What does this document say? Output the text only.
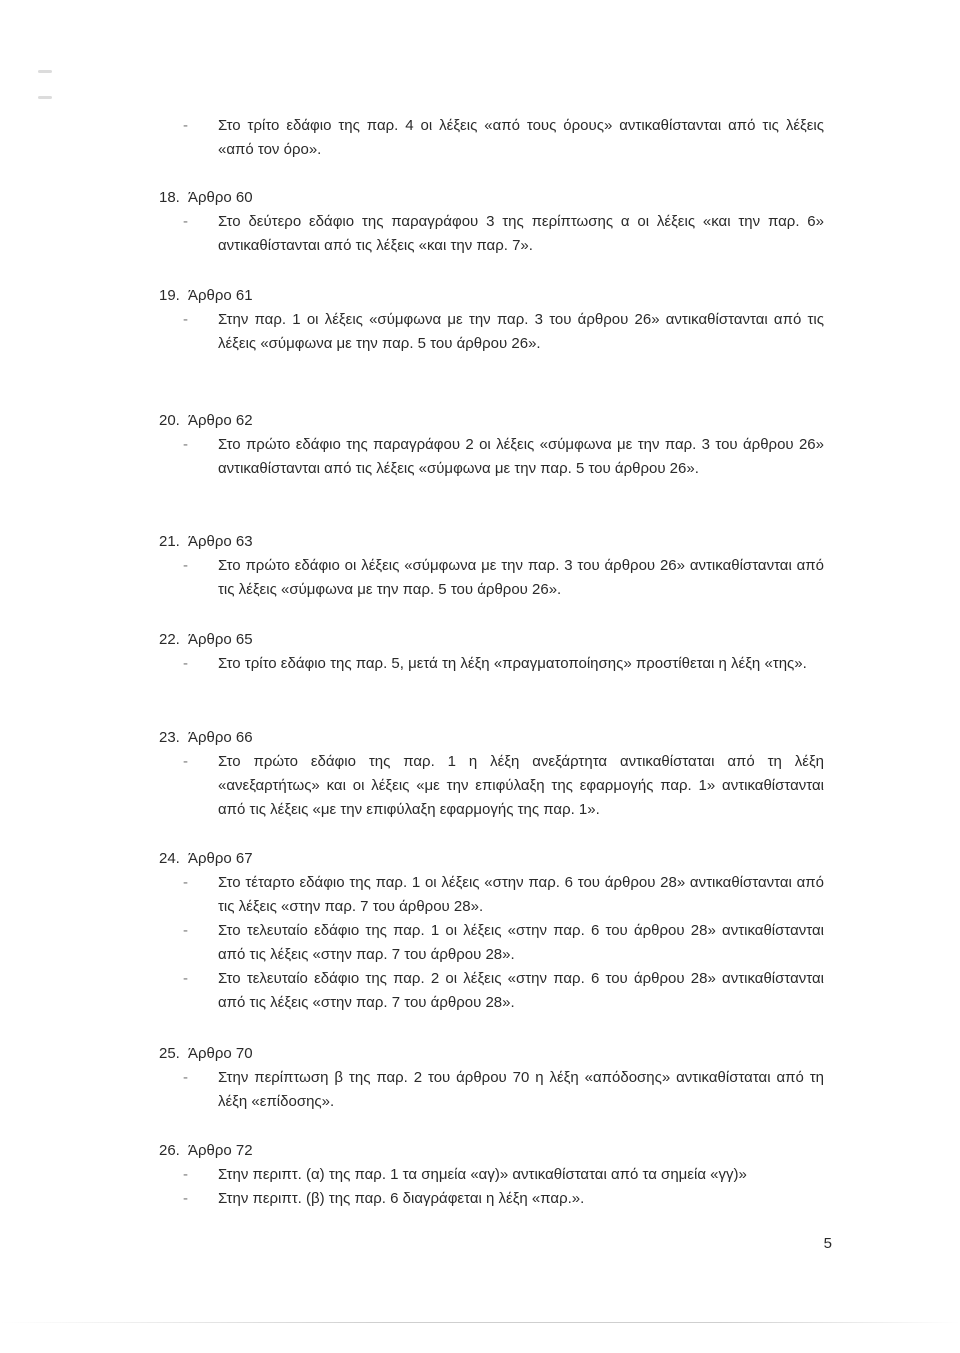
- Στο τρίτο εδάφιο της παρ. 4 οι λέξεις «από τους όρους» αντικαθίστανται από τις λέξεις «από τον όρο».
18. Άρθρο 60
- Στο δεύτερο εδάφιο της παραγράφου 3 της περίπτωσης α οι λέξεις «και την παρ. 6» αντικαθίστανται από τις λέξεις «και την παρ. 7».
19. Άρθρο 61
- Στην παρ. 1 οι λέξεις «σύμφωνα με την παρ. 3 του άρθρου 26» αντικαθίστανται από τις λέξεις «σύμφωνα με την παρ. 5 του άρθρου 26».
20. Άρθρο 62
- Στο πρώτο εδάφιο της παραγράφου 2 οι λέξεις «σύμφωνα με την παρ. 3 του άρθρου 26» αντικαθίστανται από τις λέξεις «σύμφωνα με την παρ. 5 του άρθρου 26».
21. Άρθρο 63
- Στο πρώτο εδάφιο οι λέξεις «σύμφωνα με την παρ. 3 του άρθρου 26» αντικαθίστανται από τις λέξεις «σύμφωνα με την παρ. 5 του άρθρου 26».
22. Άρθρο 65
- Στο τρίτο εδάφιο της παρ. 5, μετά τη λέξη «πραγματοποίησης» προστίθεται η λέξη «της».
23. Άρθρο 66
- Στο πρώτο εδάφιο της παρ. 1 η λέξη ανεξάρτητα αντικαθίσταται από τη λέξη «ανεξαρτήτως» και οι λέξεις «με την επιφύλαξη της εφαρμογής παρ. 1» αντικαθίστανται από τις λέξεις «με την επιφύλαξη εφαρμογής της παρ. 1».
24. Άρθρο 67
- Στο τέταρτο εδάφιο της παρ. 1 οι λέξεις «στην παρ. 6 του άρθρου 28» αντικαθίστανται από τις λέξεις «στην παρ. 7 του άρθρου 28».
- Στο τελευταίο εδάφιο της παρ. 1 οι λέξεις «στην παρ. 6 του άρθρου 28» αντικαθίστανται από τις λέξεις «στην παρ. 7 του άρθρου 28».
- Στο τελευταίο εδάφιο της παρ. 2 οι λέξεις «στην παρ. 6 του άρθρου 28» αντικαθίστανται από τις λέξεις «στην παρ. 7 του άρθρου 28».
25. Άρθρο 70
- Στην περίπτωση β της παρ. 2 του άρθρου 70 η λέξη «απόδοσης» αντικαθίσταται από τη λέξη «επίδοσης».
26. Άρθρο 72
- Στην περιπτ. (α) της παρ. 1 τα σημεία «αγ)» αντικαθίσταται από τα σημεία «γγ)»
- Στην περιπτ. (β) της παρ. 6 διαγράφεται η λέξη «παρ.».
5
